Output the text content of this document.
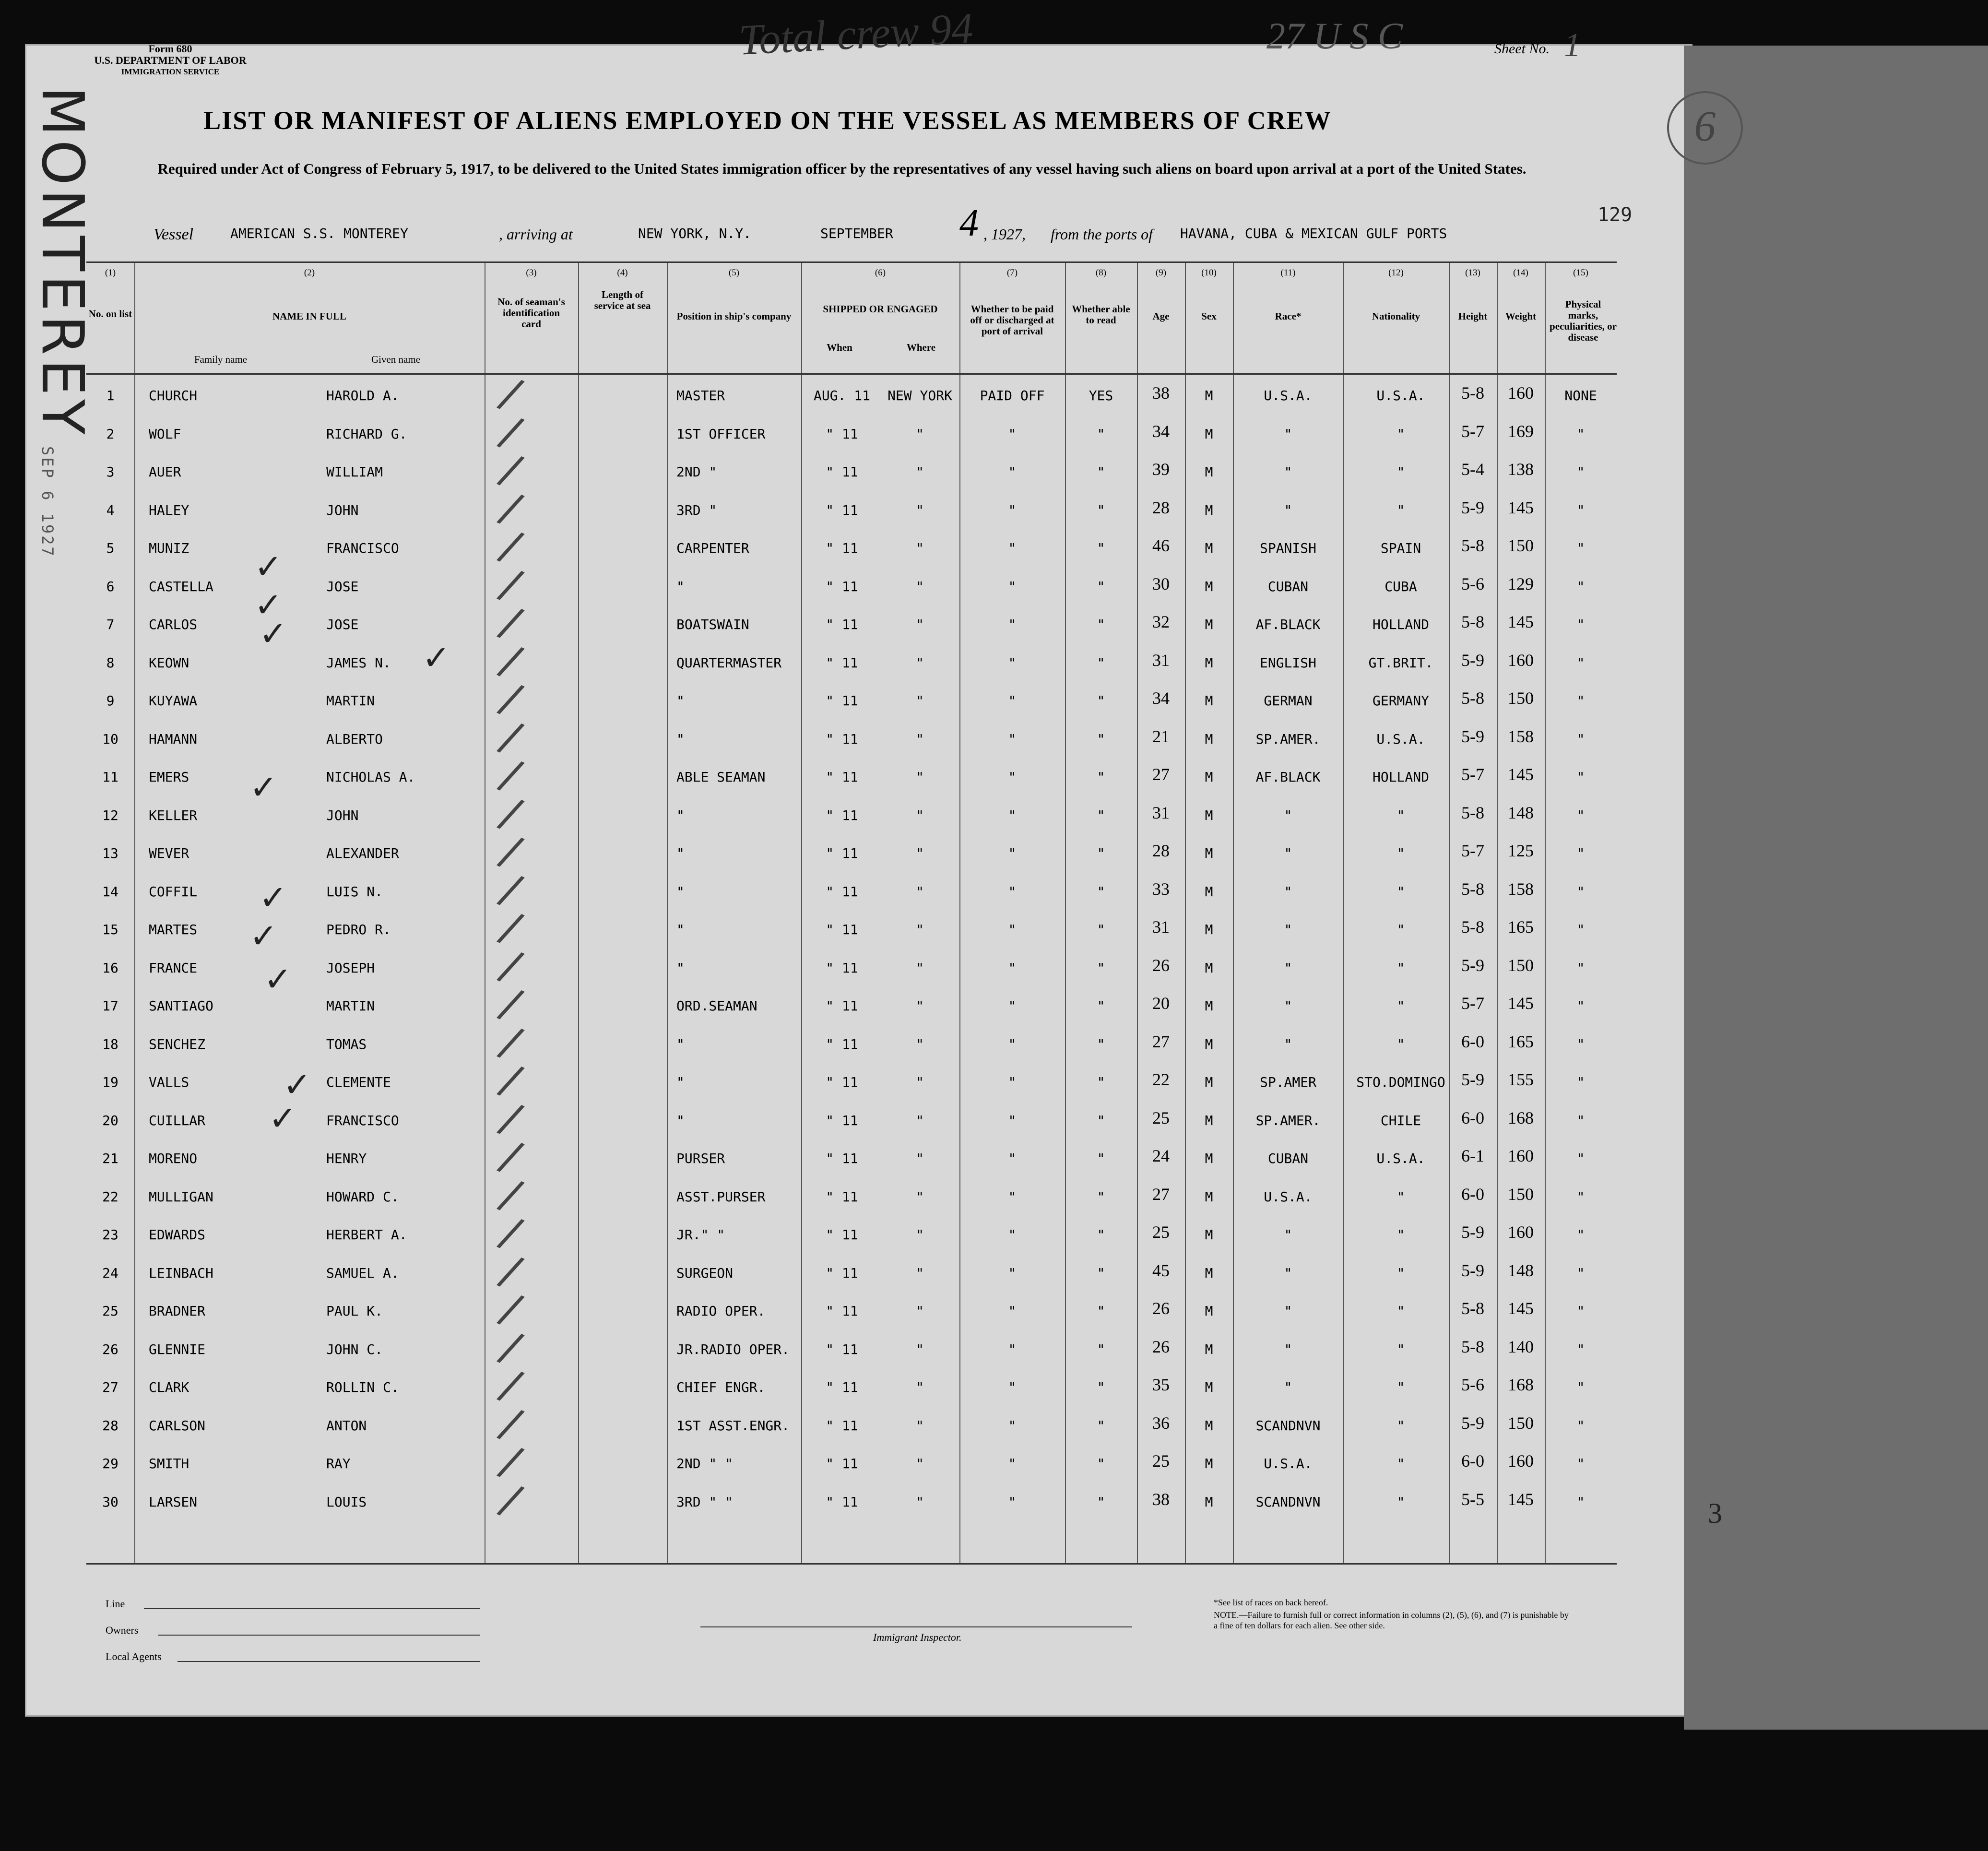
Form 680
U.S. DEPARTMENT OF LABOR
IMMIGRATION SERVICE
Total crew 94	27 U S C	Sheet No. 1
6
LIST OR MANIFEST OF ALIENS EMPLOYED ON THE VESSEL AS MEMBERS OF CREW
Required under Act of Congress of February 5, 1917, to be delivered to the United States immigration officer by the representatives of any vessel having such aliens on board upon arrival at a port of the United States.
129
MONTEREY
SEP 6 1927
Vessel	AMERICAN S.S. MONTEREY	, arriving at	NEW YORK, N.Y.	SEPTEMBER 4 , 1927, from the ports of HAVANA, CUBA & MEXICAN GULF PORTS
(1)	(2)	(3)	(4)	(5)	(6)	(7)	(8)	(9)	(10)	(11)	(12)	(13)	(14)	(15)
No. on list	NAME IN FULL
Family name	Given name
No. of seaman's identification card
Length of service at sea
Position in ship's company
SHIPPED OR ENGAGED
When	Where
Whether to be paid off or discharged at port of arrival
Whether able to read	Age	Sex	Race*	Nationality	Height	Weight
Physical marks, peculiarities, or disease
1	CHURCH	HAROLD A.	MASTER	AUG. 11	NEW YORK	PAID OFF	YES	38	M	U.S.A.	U.S.A.	5-8	160	NONE
/
2	WOLF	RICHARD G.	1ST OFFICER	" 11	"	"	"	34	M	"	"	5-7	169	"
/
3	AUER	WILLIAM	2ND "	" 11	"	"	"	39	M	"	"	5-4	138	"
/
4	HALEY	JOHN	3RD "	" 11	"	"	"	28	M	"	"	5-9	145	"
/
5	MUNIZ	FRANCISCO	CARPENTER	" 11	"	"	"	46	M	SPANISH	SPAIN	5-8	150	"
/
6	CASTELLA	JOSE	"	" 11	"	"	"	30	M	CUBAN	CUBA	5-6	129	"
/
7	CARLOS	JOSE	BOATSWAIN	" 11	"	"	"	32	M	AF.BLACK	HOLLAND	5-8	145	"
/
8	KEOWN	JAMES N.	QUARTERMASTER	" 11	"	"	"	31	M	ENGLISH	GT.BRIT.	5-9	160	"
/
9	KUYAWA	MARTIN	"	" 11	"	"	"	34	M	GERMAN	GERMANY	5-8	150	"
/
10	HAMANN	ALBERTO	"	" 11	"	"	"	21	M	SP.AMER.	U.S.A.	5-9	158	"
/
11	EMERS	NICHOLAS A.	ABLE SEAMAN	" 11	"	"	"	27	M	AF.BLACK	HOLLAND	5-7	145	"
/
12	KELLER	JOHN	"	" 11	"	"	"	31	M	"	"	5-8	148	"
/
13	WEVER	ALEXANDER	"	" 11	"	"	"	28	M	"	"	5-7	125	"
/
14	COFFIL	LUIS N.	"	" 11	"	"	"	33	M	"	"	5-8	158	"
/
15	MARTES	PEDRO R.	"	" 11	"	"	"	31	M	"	"	5-8	165	"
/
16	FRANCE	JOSEPH	"	" 11	"	"	"	26	M	"	"	5-9	150	"
/
17	SANTIAGO	MARTIN	ORD.SEAMAN	" 11	"	"	"	20	M	"	"	5-7	145	"
/
18	SENCHEZ	TOMAS	"	" 11	"	"	"	27	M	"	"	6-0	165	"
/
19	VALLS	CLEMENTE	"	" 11	"	"	"	22	M	SP.AMER	STO.DOMINGO 5-9	155	"
/
20	CUILLAR	FRANCISCO	"	" 11	"	"	"	25	M	SP.AMER.	CHILE	6-0	168	"
/
21	MORENO	HENRY	PURSER	" 11	"	"	"	24	M	CUBAN	U.S.A.	6-1	160	"
/
22	MULLIGAN	HOWARD C.	ASST.PURSER	" 11	"	"	"	27	M	U.S.A.	"	6-0	150	"
/
23	EDWARDS	HERBERT A.	JR." "	" 11	"	"	"	25	M	"	"	5-9	160	"
/
24	LEINBACH	SAMUEL A.	SURGEON	" 11	"	"	"	45	M	"	"	5-9	148	"
/
25	BRADNER	PAUL K.	RADIO OPER.	" 11	"	"	"	26	M	"	"	5-8	145	"
/
26	GLENNIE	JOHN C.	JR.RADIO OPER.	" 11	"	"	"	26	M	"	"	5-8	140	"
/
27	CLARK	ROLLIN C.	CHIEF ENGR.	" 11	"	"	"	35	M	"	"	5-6	168	"
/
28	CARLSON	ANTON	1ST ASST.ENGR.	" 11	"	"	"	36	M	SCANDNVN	"	5-9	150	"
/
29	SMITH	RAY	2ND " "	" 11	"	"	"	25	M	U.S.A.	"	6-0	160	"
/
30	LARSEN	LOUIS	3RD " "	" 11	"	"	"	38	M	SCANDNVN	"	5-5	145	"
/
Line
Owners
Local Agents
Immigrant Inspector.
*See list of races on back hereof.
NOTE.—Failure to furnish full or correct information in columns (2), (5), (6), and (7) is punishable by a fine of ten dollars for each alien. See other side.
3
✓
✓
✓
✓
✓
✓
✓
✓
✓
✓
